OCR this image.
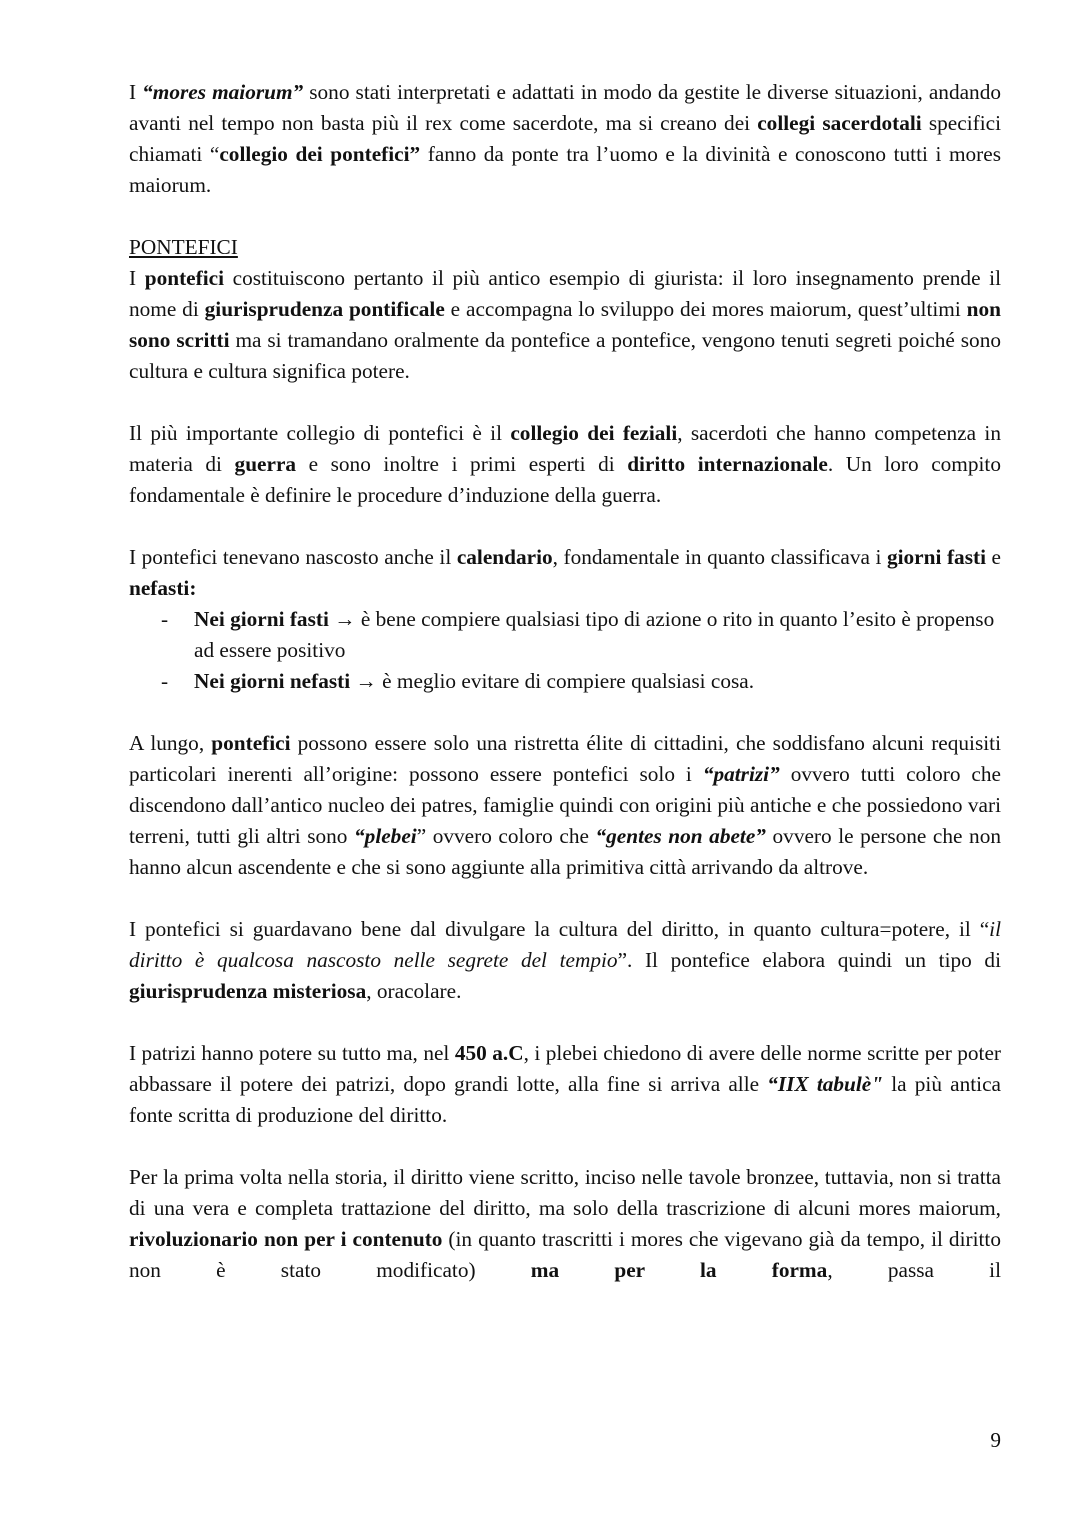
I “mores maiorum” sono stati interpretati e adattati in modo da gestite le diverse situazioni, andando avanti nel tempo non basta più il rex come sacerdote, ma si creano dei collegi sacerdotali specifici chiamati “collegio dei pontefici” fanno da ponte tra l’uomo e la divinità e conoscono tutti i mores maiorum.

PONTEFICI

I pontefici costituiscono pertanto il più antico esempio di giurista: il loro insegnamento prende il nome di giurisprudenza pontificale e accompagna lo sviluppo dei mores maiorum, quest’ultimi non sono scritti ma si tramandano oralmente da pontefice a pontefice, vengono tenuti segreti poiché sono cultura e cultura significa potere.

Il più importante collegio di pontefici è il collegio dei feziali, sacerdoti che hanno competenza in materia di guerra e sono inoltre i primi esperti di diritto internazionale. Un loro compito fondamentale è definire le procedure d’induzione della guerra.

I pontefici tenevano nascosto anche il calendario, fondamentale in quanto classificava i giorni fasti e nefasti:

- Nei giorni fasti → è bene compiere qualsiasi tipo di azione o rito in quanto l’esito è propenso ad essere positivo
- Nei giorni nefasti → è meglio evitare di compiere qualsiasi cosa.

A lungo, pontefici possono essere solo una ristretta élite di cittadini, che soddisfano alcuni requisiti particolari inerenti all’origine: possono essere pontefici solo i “patrizi” ovvero tutti coloro che discendono dall’antico nucleo dei patres, famiglie quindi con origini più antiche e che possiedono vari terreni, tutti gli altri sono “plebei” ovvero coloro che “gentes non abete” ovvero le persone che non hanno alcun ascendente e che si sono aggiunte alla primitiva città arrivando da altrove.

I pontefici si guardavano bene dal divulgare la cultura del diritto, in quanto cultura=potere, il “il diritto è qualcosa nascosto nelle segrete del tempio”. Il pontefice elabora quindi un tipo di giurisprudenza misteriosa, oracolare.

I patrizi hanno potere su tutto ma, nel 450 a.C, i plebei chiedono di avere delle norme scritte per poter abbassare il potere dei patrizi, dopo grandi lotte, alla fine si arriva alle “IIX tabulè" la più antica fonte scritta di produzione del diritto.

Per la prima volta nella storia, il diritto viene scritto, inciso nelle tavole bronzee, tuttavia, non si tratta di una vera e completa trattazione del diritto, ma solo della trascrizione di alcuni mores maiorum, rivoluzionario non per i contenuto (in quanto trascritti i mores che vigevano già da tempo, il diritto non è stato modificato) ma per la forma, passa il

9
